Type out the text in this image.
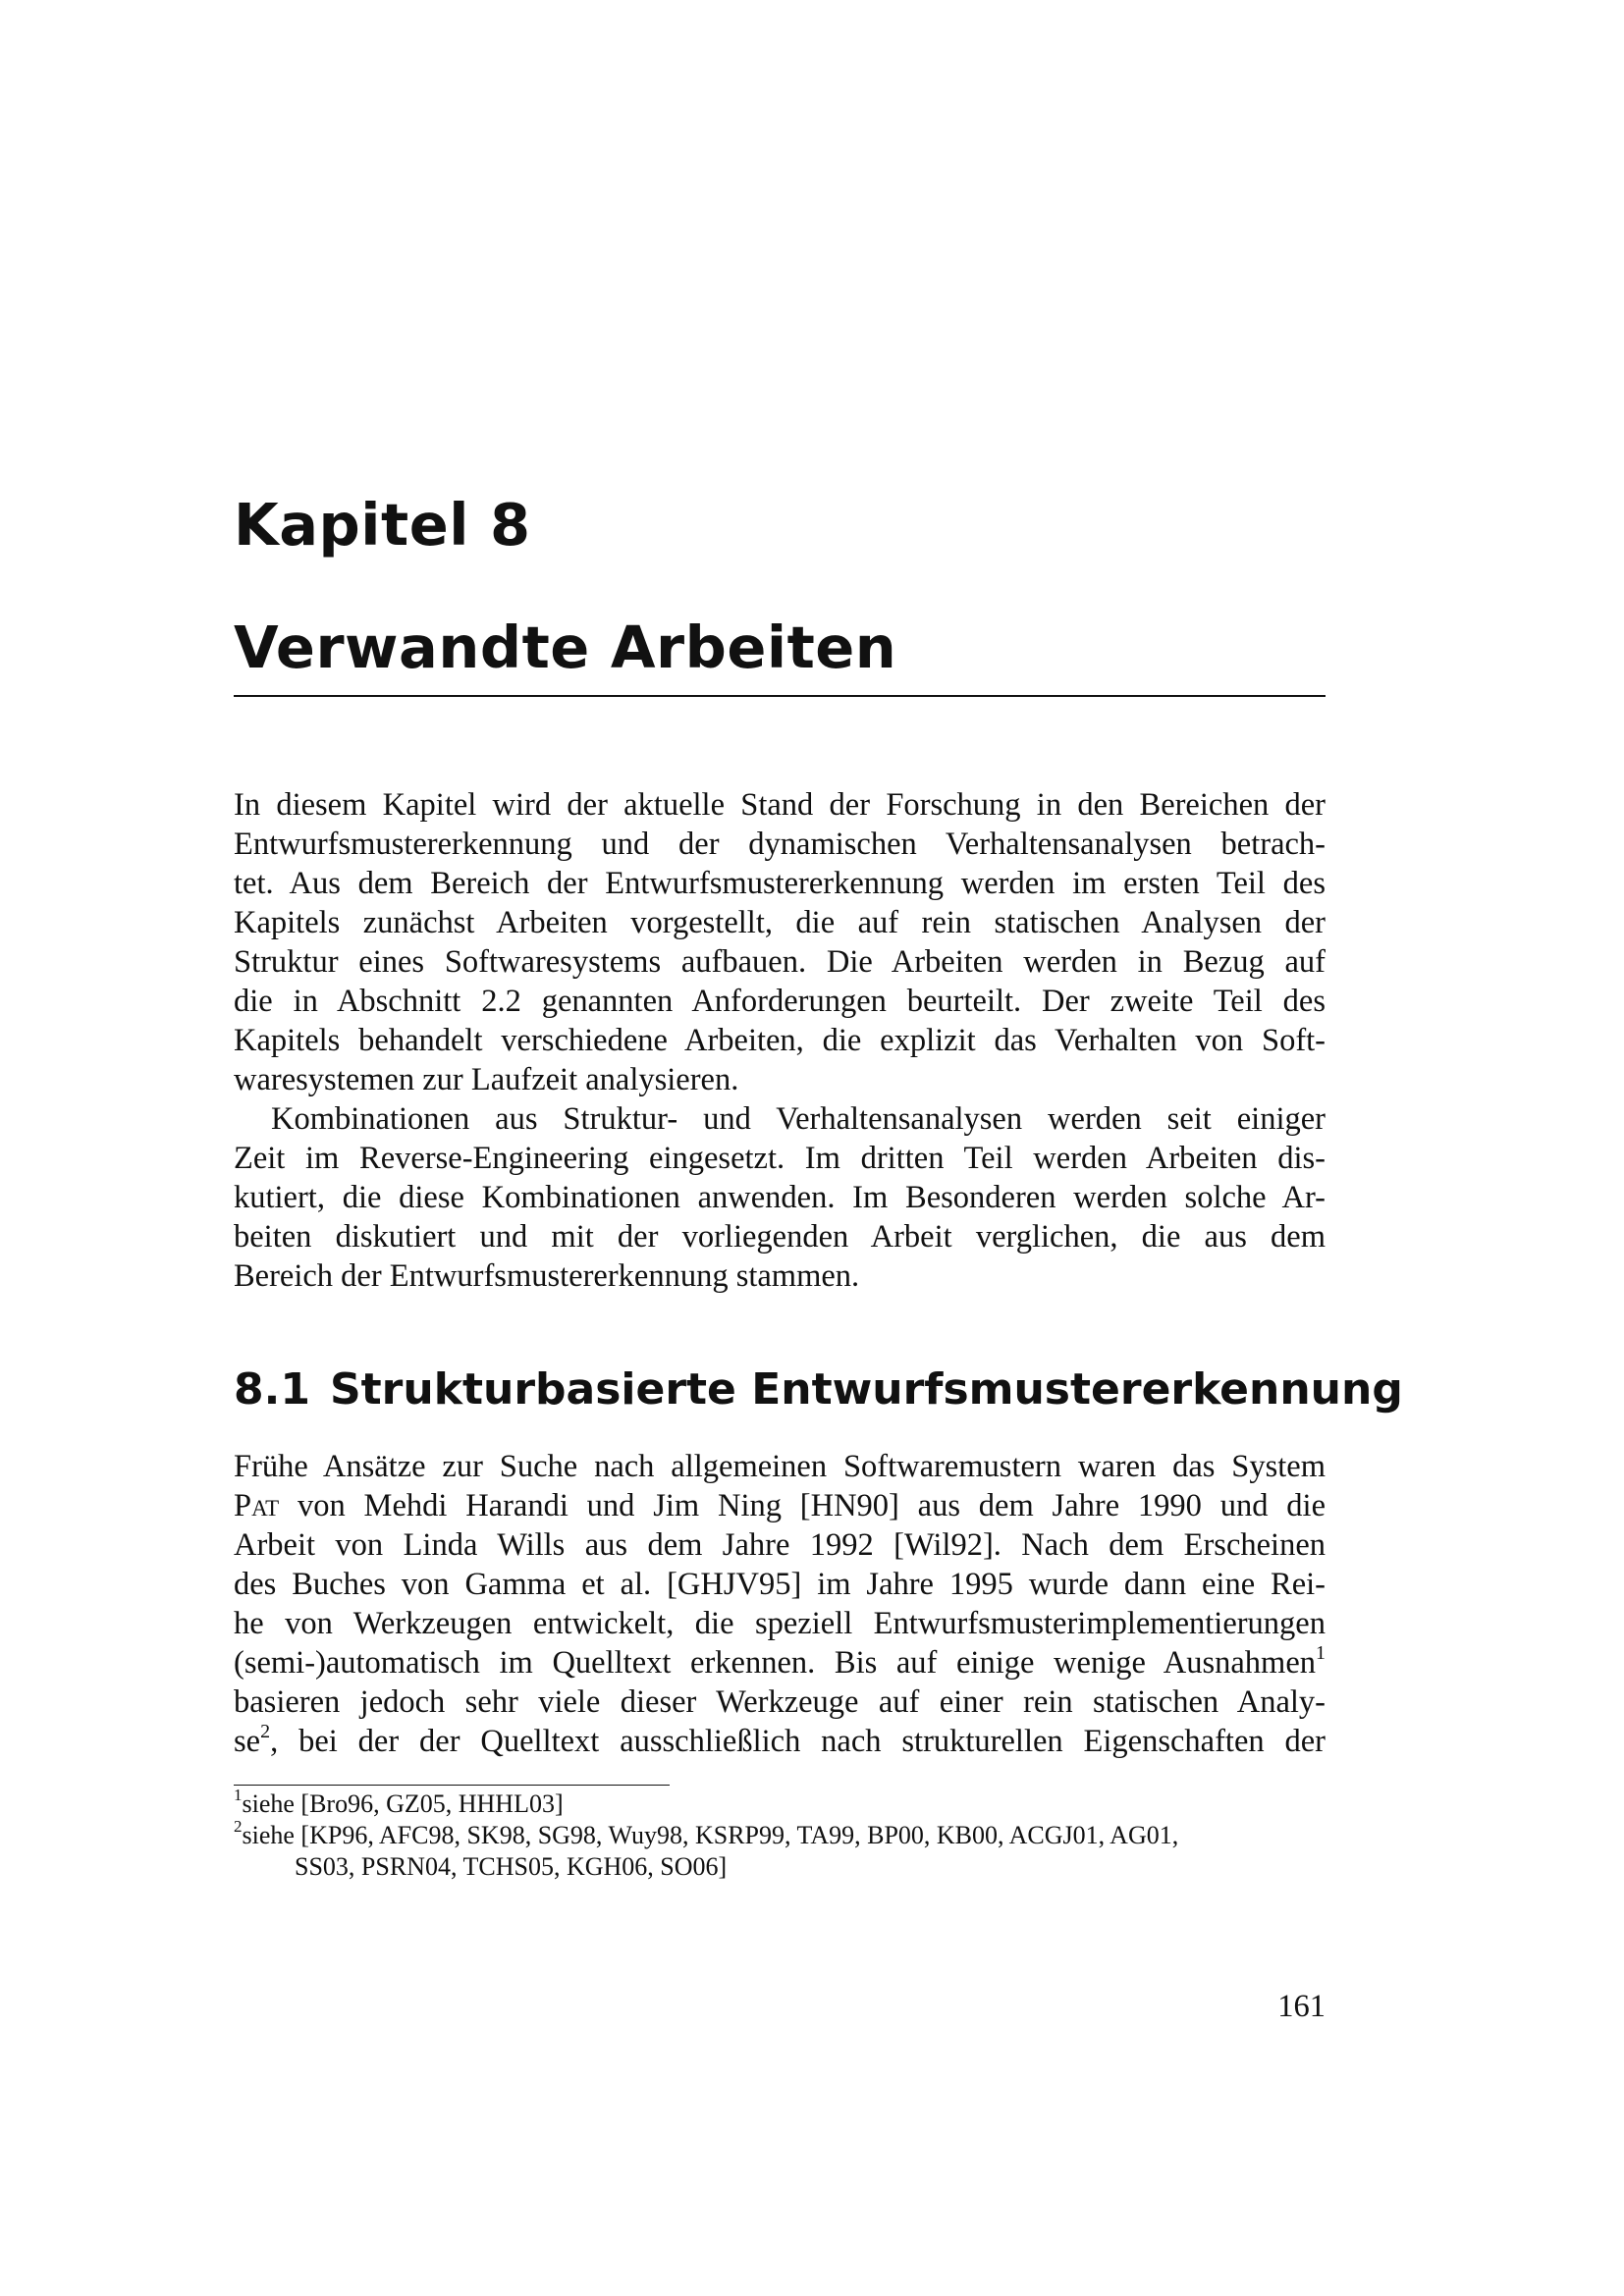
Kapitel 8
Verwandte Arbeiten
In diesem Kapitel wird der aktuelle Stand der Forschung in den Bereichen der
Entwurfsmustererkennung und der dynamischen Verhaltensanalysen betrach-
tet. Aus dem Bereich der Entwurfsmustererkennung werden im ersten Teil des
Kapitels zunächst Arbeiten vorgestellt, die auf rein statischen Analysen der
Struktur eines Softwaresystems aufbauen. Die Arbeiten werden in Bezug auf
die in Abschnitt 2.2 genannten Anforderungen beurteilt. Der zweite Teil des
Kapitels behandelt verschiedene Arbeiten, die explizit das Verhalten von Soft-
waresystemen zur Laufzeit analysieren.
Kombinationen aus Struktur- und Verhaltensanalysen werden seit einiger
Zeit im Reverse-Engineering eingesetzt. Im dritten Teil werden Arbeiten dis-
kutiert, die diese Kombinationen anwenden. Im Besonderen werden solche Ar-
beiten diskutiert und mit der vorliegenden Arbeit verglichen, die aus dem
Bereich der Entwurfsmustererkennung stammen.
8.1 Strukturbasierte Entwurfsmustererkennung
Frühe Ansätze zur Suche nach allgemeinen Softwaremustern waren das System
Pat von Mehdi Harandi und Jim Ning [HN90] aus dem Jahre 1990 und die
Arbeit von Linda Wills aus dem Jahre 1992 [Wil92]. Nach dem Erscheinen
des Buches von Gamma et al. [GHJV95] im Jahre 1995 wurde dann eine Rei-
he von Werkzeugen entwickelt, die speziell Entwurfsmusterimplementierungen
(semi-)automatisch im Quelltext erkennen. Bis auf einige wenige Ausnahmen$^1$
basieren jedoch sehr viele dieser Werkzeuge auf einer rein statischen Analy-
$se^2$, bei der der Quelltext ausschließlich nach strukturellen Eigenschaften der
$^1$siehe [Bro96, GZ05, HHHL03]
$^2$siehe [KP96, AFC98, SK98, SG98, Wuy98, KSRP99, TA99, BP00, KB00, ACGJ01, AG01,
SS03, PSRN04, TCHS05, KGH06, SO06]
161
